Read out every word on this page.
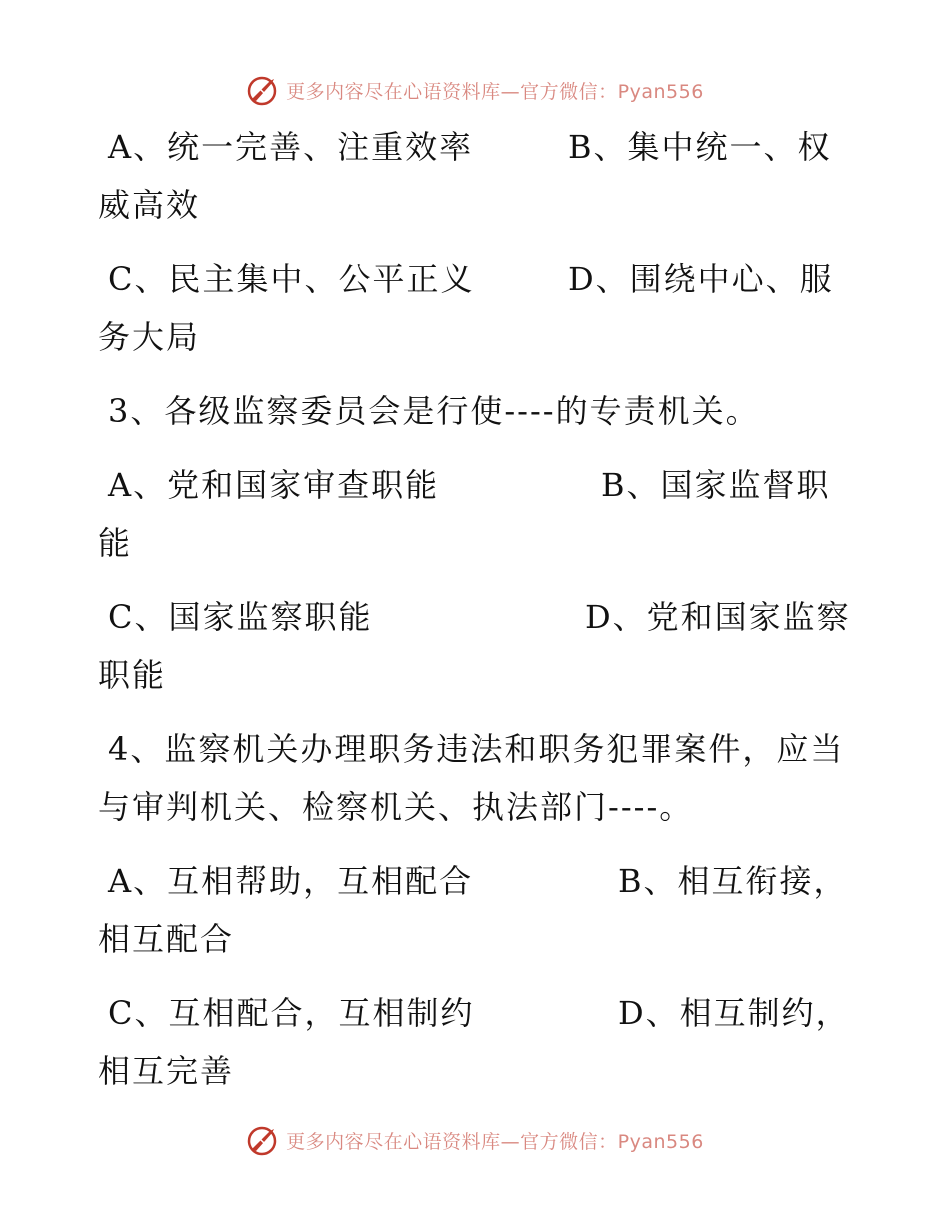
更多内容尽在心语资料库—官方微信：Pyan556
A、统一完善、注重效率	B、集中统一、权
威高效
C、民主集中、公平正义	D、围绕中心、服
务大局
3、各级监察委员会是行使----的专责机关。
A、党和国家审查职能	B、国家监督职
能
C、国家监察职能	D、党和国家监察
职能
4、监察机关办理职务违法和职务犯罪案件，应当
与审判机关、检察机关、执法部门----。
A、互相帮助，互相配合	B、相互衔接，
相互配合
C、互相配合，互相制约	D、相互制约，
相互完善
更多内容尽在心语资料库—官方微信：Pyan556
